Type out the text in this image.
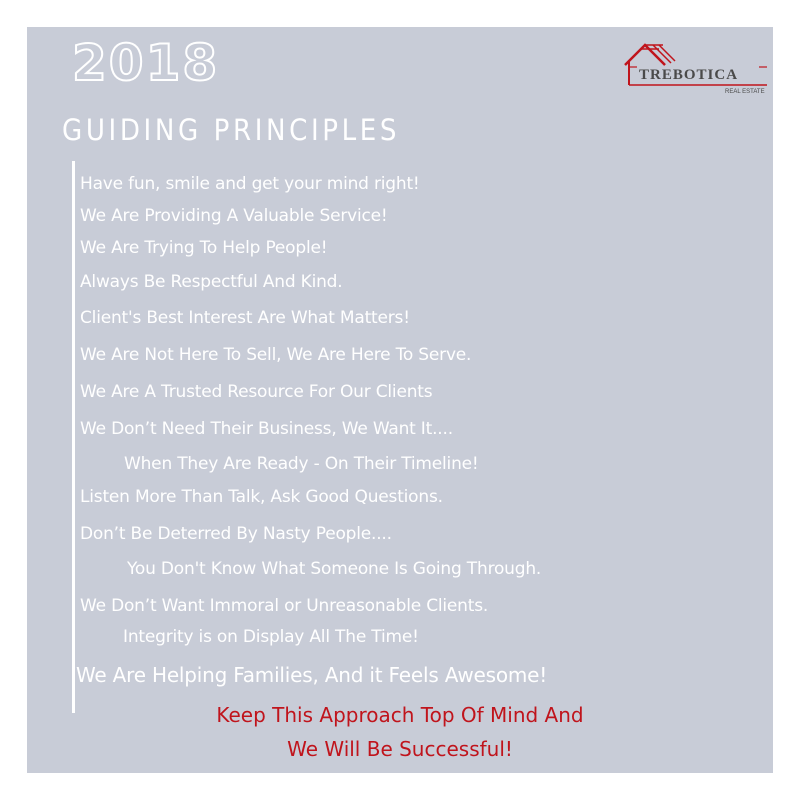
2018	TREBOTICA
REAL ESTATE
GUIDING PRINCIPLES
Have fun, smile and get your mind right!
We Are Providing A Valuable Service!
We Are Trying To Help People!
Always Be Respectful And Kind.
Client's Best Interest Are What Matters!
We Are Not Here To Sell, We Are Here To Serve.
We Are A Trusted Resource For Our Clients
We Don’t Need Their Business, We Want It....
When They Are Ready - On Their Timeline!
Listen More Than Talk, Ask Good Questions.
Don’t Be Deterred By Nasty People....
You Don't Know What Someone Is Going Through.
We Don’t Want Immoral or Unreasonable Clients.
Integrity is on Display All The Time!
We Are Helping Families, And it Feels Awesome!
Keep This Approach Top Of Mind And
We Will Be Successful!
